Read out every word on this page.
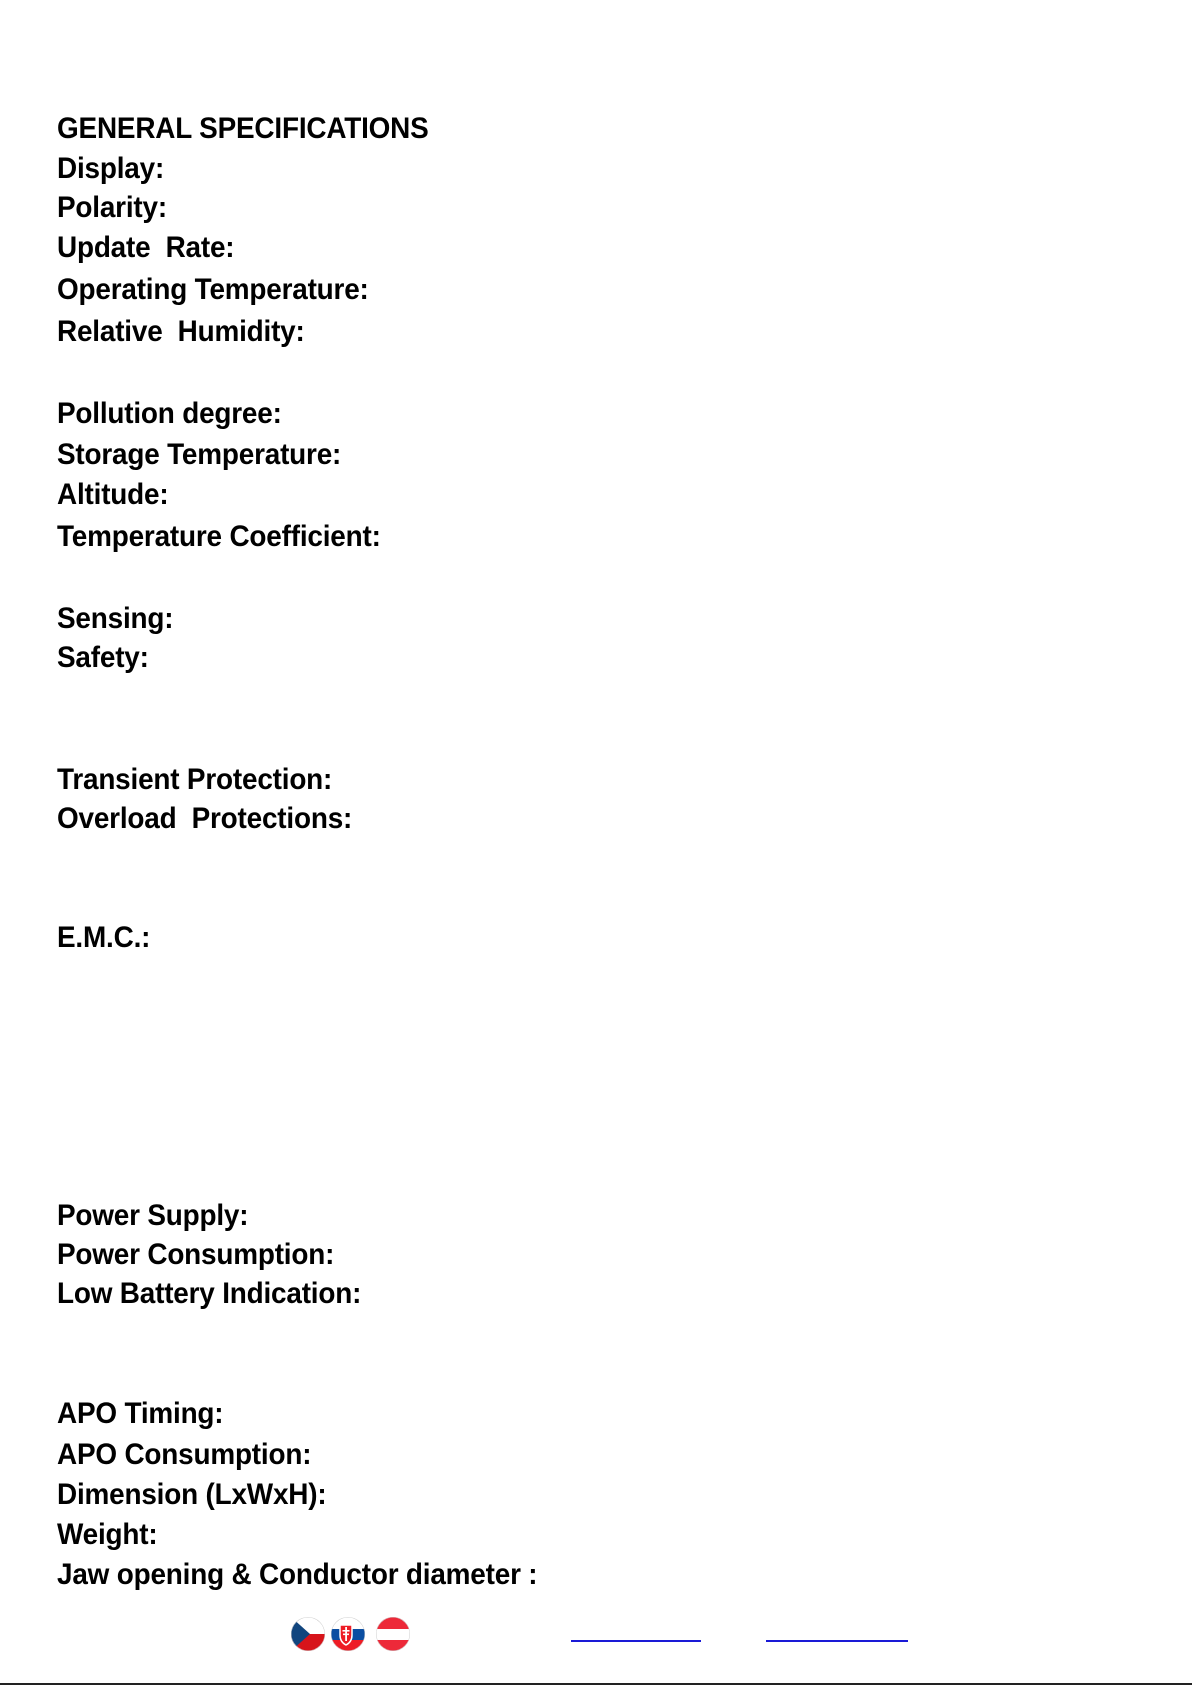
GENERAL SPECIFICATIONS
Display:
Polarity:
Update  Rate:
Operating Temperature:
Relative  Humidity:
Pollution degree:
Storage Temperature:
Altitude:
Temperature Coefficient:
Sensing:
Safety:
Transient Protection:
Overload  Protections:
E.M.C.:
Power Supply:
Power Consumption:
Low Battery Indication:
APO Timing:
APO Consumption:
Dimension (LxWxH):
Weight:
Jaw opening & Conductor diameter :
